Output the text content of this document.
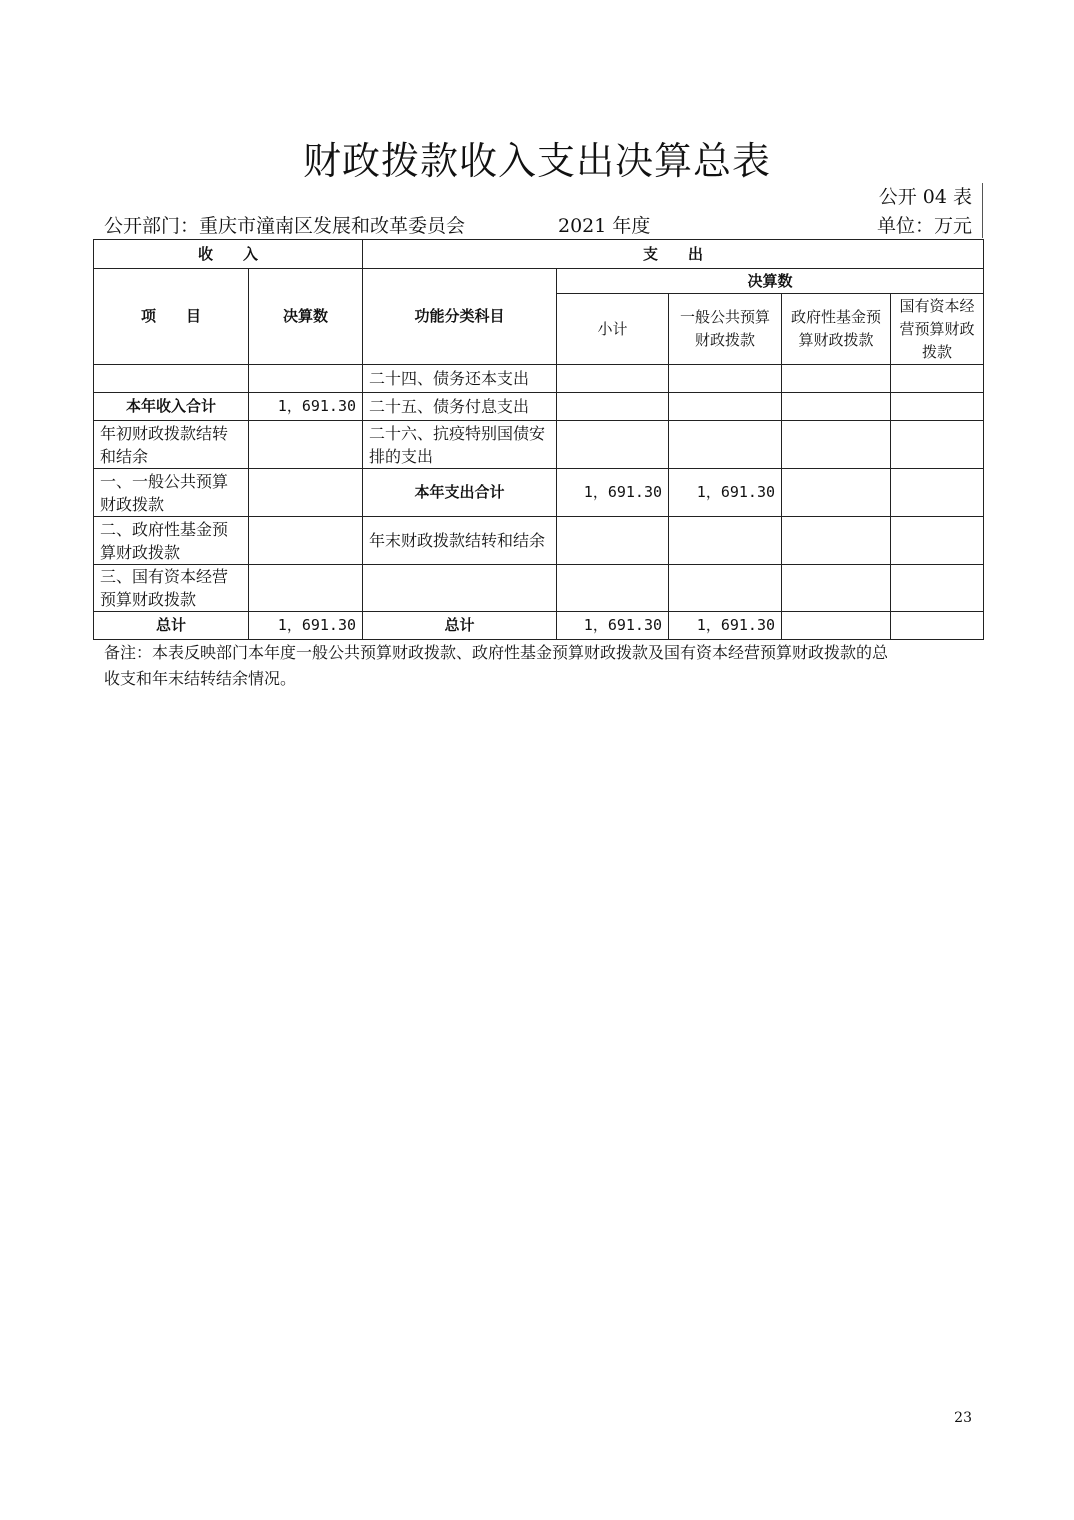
财政拨款收入支出决算总表
公开 04 表
公开部门：重庆市潼南区发展和改革委员会	2021 年度	单位：万元
收　　入		支　　出				
项　　目	决算数	功能分类科目	决算数			
			小计	一般公共预算财政拨款	政府性基金预算财政拨款	国有资本经营预算财政拨款
		二十四、债务还本支出				
本年收入合计	1，691.30	二十五、债务付息支出				
年初财政拨款结转和结余		二十六、抗疫特别国债安排的支出				
一、一般公共预算财政拨款		本年支出合计	1，691.30	1，691.30		
二、政府性基金预算财政拨款		年末财政拨款结转和结余				
三、国有资本经营预算财政拨款						
总计	1，691.30	总计	1，691.30	1，691.30		
备注：本表反映部门本年度一般公共预算财政拨款、政府性基金预算财政拨款及国有资本经营预算财政拨款的总收支和年末结转结余情况。
23
